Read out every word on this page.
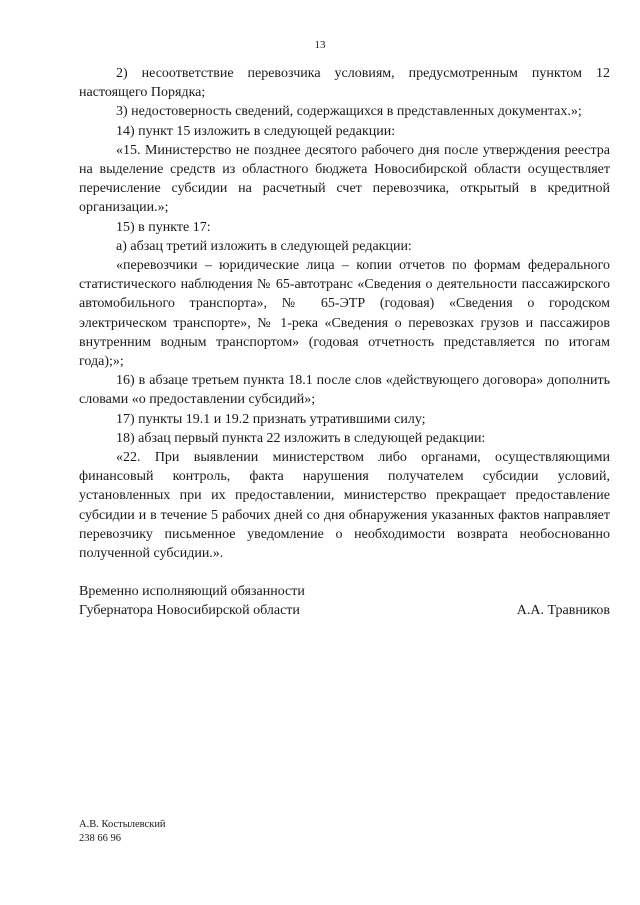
13

2) несоответствие перевозчика условиям, предусмотренным пунктом 12 настоящего Порядка;

3) недостоверность сведений, содержащихся в представленных документах.»;

14) пункт 15 изложить в следующей редакции:

«15. Министерство не позднее десятого рабочего дня после утверждения реестра на выделение средств из областного бюджета Новосибирской области осуществляет перечисление субсидии на расчетный счет перевозчика, открытый в кредитной организации.»;

15) в пункте 17:

а) абзац третий изложить в следующей редакции:

«перевозчики – юридические лица – копии отчетов по формам федерального статистического наблюдения № 65-автотранс «Сведения о деятельности пассажирского автомобильного транспорта», № 65-ЭТР (годовая) «Сведения о городском электрическом транспорте», № 1-река «Сведения о перевозках грузов и пассажиров внутренним водным транспортом» (годовая отчетность представляется по итогам года);»;

16) в абзаце третьем пункта 18.1 после слов «действующего договора» дополнить словами «о предоставлении субсидий»;

17) пункты 19.1 и 19.2 признать утратившими силу;

18) абзац первый пункта 22 изложить в следующей редакции:

«22. При выявлении министерством либо органами, осуществляющими финансовый контроль, факта нарушения получателем субсидии условий, установленных при их предоставлении, министерство прекращает предоставление субсидии и в течение 5 рабочих дней со дня обнаружения указанных фактов направляет перевозчику письменное уведомление о необходимости возврата необоснованно полученной субсидии.».

Временно исполняющий обязанности
Губернатора Новосибирской области	А.А. Травников
А.В. Костылевский
238 66 96
